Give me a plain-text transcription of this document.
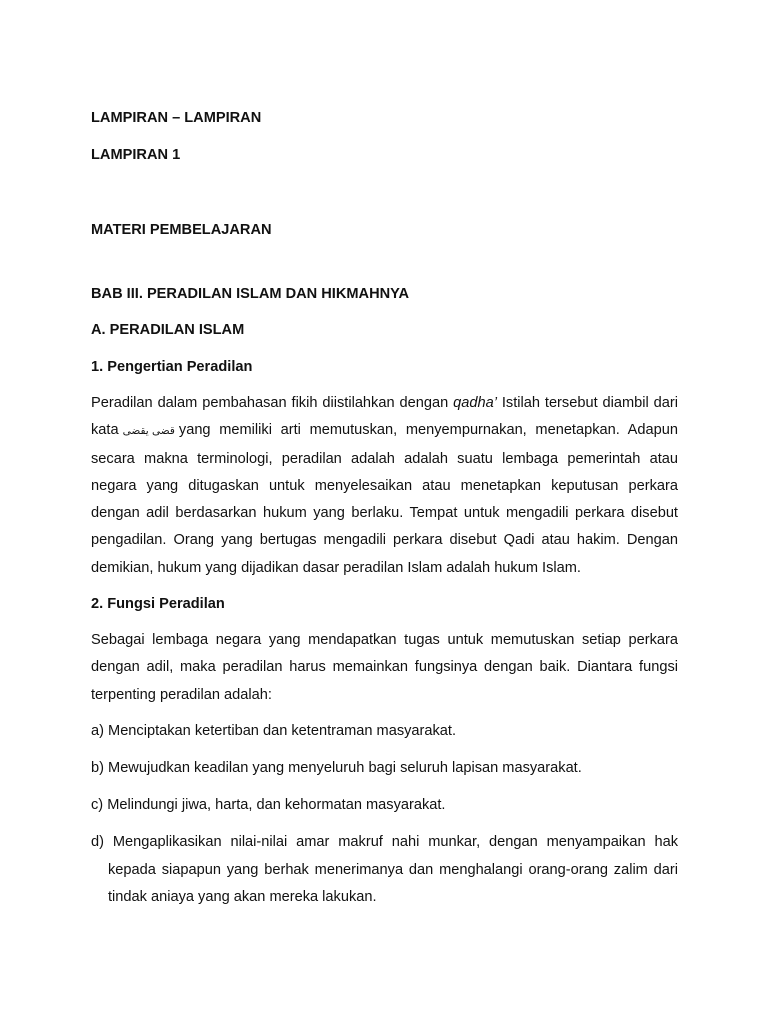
LAMPIRAN – LAMPIRAN
LAMPIRAN 1
MATERI PEMBELAJARAN
BAB III. PERADILAN ISLAM DAN HIKMAHNYA
A. PERADILAN ISLAM
1. Pengertian Peradilan
Peradilan dalam pembahasan fikih diistilahkan dengan qadha’ Istilah tersebut diambil dari
kata قضى يقضى yang memiliki arti memutuskan, menyempurnakan, menetapkan. Adapun
secara makna terminologi, peradilan adalah adalah suatu lembaga pemerintah atau
negara yang ditugaskan untuk menyelesaikan atau menetapkan keputusan perkara
dengan adil berdasarkan hukum yang berlaku. Tempat untuk mengadili perkara disebut
pengadilan. Orang yang bertugas mengadili perkara disebut Qadi atau hakim. Dengan
demikian, hukum yang dijadikan dasar peradilan Islam adalah hukum Islam.
2. Fungsi Peradilan
Sebagai lembaga negara yang mendapatkan tugas untuk memutuskan setiap perkara
dengan adil, maka peradilan harus memainkan fungsinya dengan baik. Diantara fungsi
terpenting peradilan adalah:
a) Menciptakan ketertiban dan ketentraman masyarakat.
b) Mewujudkan keadilan yang menyeluruh bagi seluruh lapisan masyarakat.
c) Melindungi jiwa, harta, dan kehormatan masyarakat.
d) Mengaplikasikan nilai-nilai amar makruf nahi munkar, dengan menyampaikan hak
kepada siapapun yang berhak menerimanya dan menghalangi orang-orang zalim dari
tindak aniaya yang akan mereka lakukan.
